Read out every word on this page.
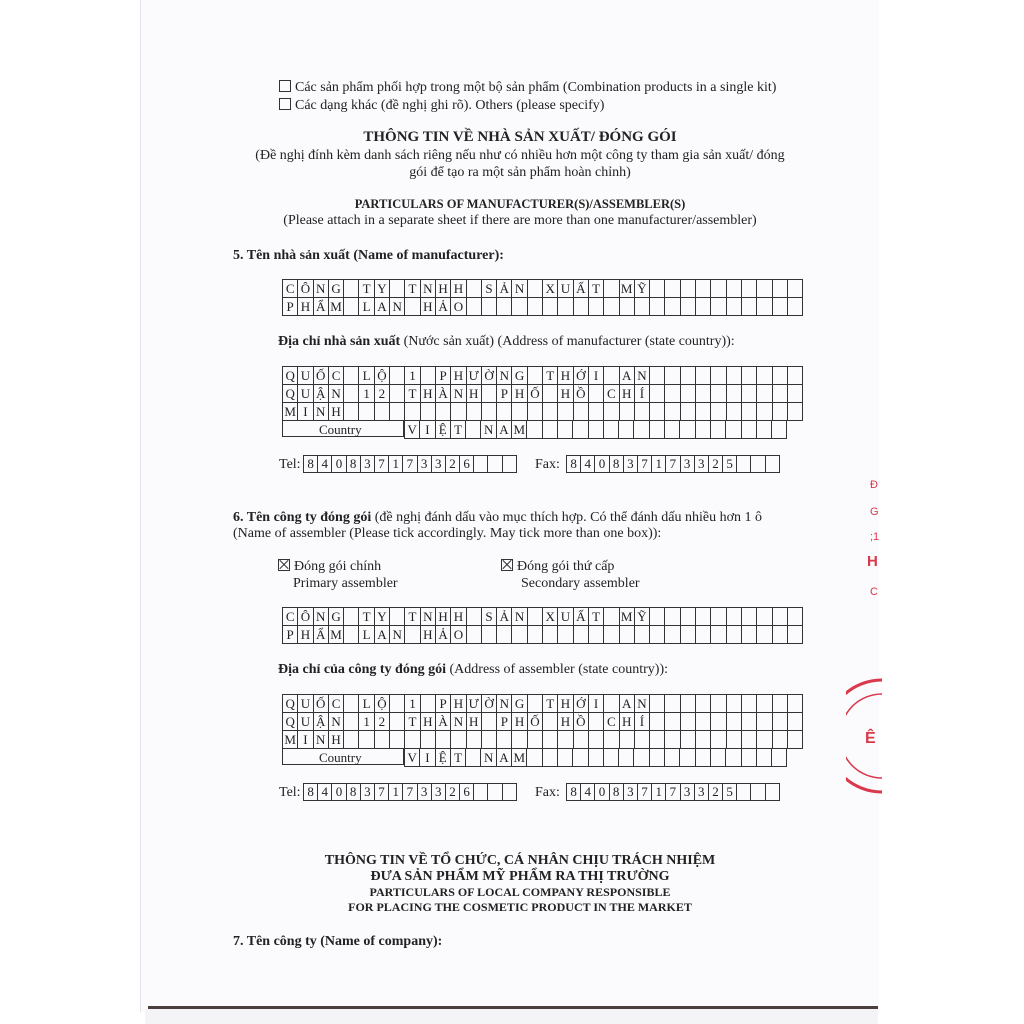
Các sản phẩm phối hợp trong một bộ sản phẩm (Combination products in a single kit)
Các dạng khác (đề nghị ghi rõ). Others (please specify)
THÔNG TIN VỀ NHÀ SẢN XUẤT/ ĐÓNG GÓI
(Đề nghị đính kèm danh sách riêng nếu như có nhiều hơn một công ty tham gia sản xuất/ đóng
gói để tạo ra một sản phẩm hoàn chỉnh)
PARTICULARS OF MANUFACTURER(S)/ASSEMBLER(S)
(Please attach in a separate sheet if there are more than one manufacturer/assembler)
5. Tên nhà sản xuất (Name of manufacturer):
C	Ô	N	G		T	Y		T	N	H	H		S	Ả	N		X	U	Ấ	T		M	Ỹ										
P	H	Ẩ	M		L	A	N		H	Ả	O																						
Địa chỉ nhà sản xuất (Nước sản xuất) (Address of manufacturer (state country)):
Q	U	Ố	C		L	Ộ		1		P	H	Ư	Ờ	N	G		T	H	Ớ	I		A	N										
Q	U	Ậ	N		1	2		T	H	À	N	H		P	H	Ố		H	Ồ		C	H	Í										
M	I	N	H																														
Country	V	I	Ệ	T		N	A	M																	
Tel: 8	4	0	8	3	7	1	7	3	3	2	6				Fax: 8	4	0	8	3	7	1	7	3	3	2	5			
6. Tên công ty đóng gói (đề nghị đánh dấu vào mục thích hợp. Có thể đánh dấu nhiều hơn 1 ô
(Name of assembler (Please tick accordingly. May tick more than one box)):
Đóng gói chính
Primary assembler
Đóng gói thứ cấp
Secondary assembler
C	Ô	N	G		T	Y		T	N	H	H		S	Ả	N		X	U	Ấ	T		M	Ỹ										
P	H	Ẩ	M		L	A	N		H	Ả	O																						
Địa chỉ của công ty đóng gói (Address of assembler (state country)):
Q	U	Ố	C		L	Ộ		1		P	H	Ư	Ờ	N	G		T	H	Ớ	I		A	N										
Q	U	Ậ	N		1	2		T	H	À	N	H		P	H	Ố		H	Ồ		C	H	Í										
M	I	N	H																														
Country	V	I	Ệ	T		N	A	M																	
Tel: 8	4	0	8	3	7	1	7	3	3	2	6				Fax: 8	4	0	8	3	7	1	7	3	3	2	5			
THÔNG TIN VỀ TỔ CHỨC, CÁ NHÂN CHỊU TRÁCH NHIỆM
ĐƯA SẢN PHẨM MỸ PHẨM RA THỊ TRƯỜNG
PARTICULARS OF LOCAL COMPANY RESPONSIBLE
FOR PLACING THE COSMETIC PRODUCT IN THE MARKET
7. Tên công ty (Name of company):
Đ
G
;1
H
C
Ê
